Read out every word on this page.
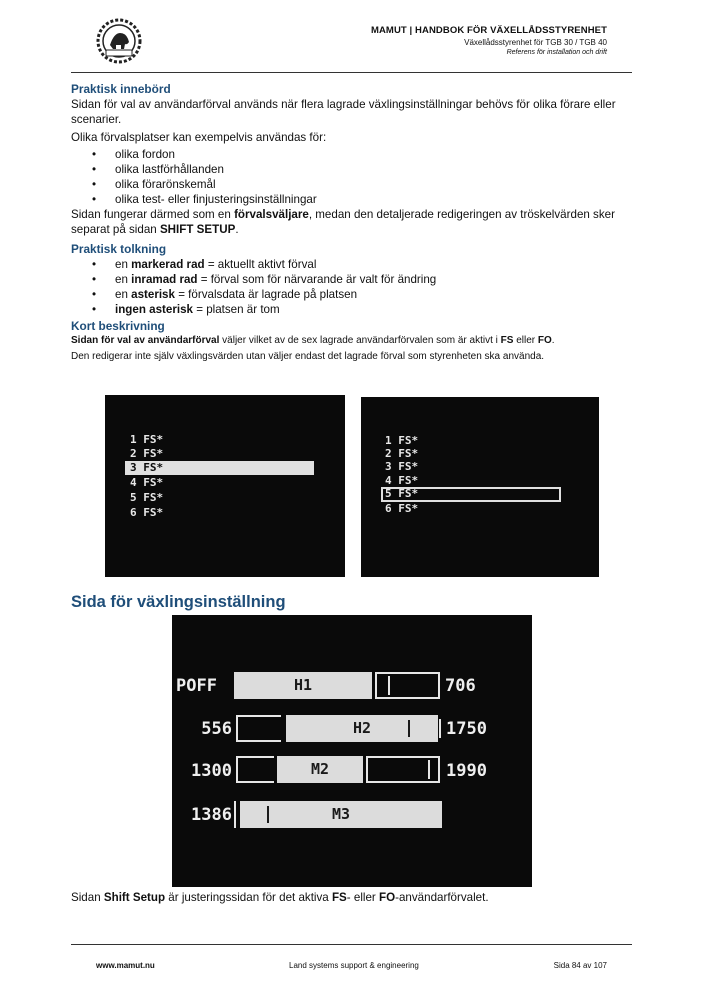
MAMUT | HANDBOK FÖR VÄXELLÅDSSTYRENHET
Växellådsstyrenhet för TGB 30 / TGB 40
Referens för installation och drift

Praktisk innebörd

Sidan för val av användarförval används när flera lagrade växlingsinställningar behövs för olika förare eller scenarier.

Olika förvalsplatser kan exempelvis användas för:

• olika fordon
• olika lastförhållanden
• olika förarönskemål
• olika test- eller finjusteringsinställningar

Sidan fungerar därmed som en förvalsväljare, medan den detaljerade redigeringen av tröskelvärden sker separat på sidan SHIFT SETUP.

Praktisk tolkning

• en markerad rad = aktuellt aktivt förval
• en inramad rad = förval som för närvarande är valt för ändring
• en asterisk = förvalsdata är lagrade på platsen
• ingen asterisk = platsen är tom

Kort beskrivning

Sidan för val av användarförval väljer vilket av de sex lagrade användarförvalen som är aktivt i FS eller FO.

Den redigerar inte själv växlingsvärden utan väljer endast det lagrade förval som styrenheten ska använda.

1 FS*
2 FS*
3 FS*
4 FS*
5 FS*
6 FS*
1 FS*
2 FS*
3 FS*
4 FS*
5 FS*
6 FS*
Sida för växlingsinställning
POFF	H1	706
556	H2	1750
1300	M2	1990
1386	M3
Sidan Shift Setup är justeringssidan för det aktiva FS- eller FO-användarförvalet.
www.mamut.nu	Land systems support & engineering	Sida 84 av 107
